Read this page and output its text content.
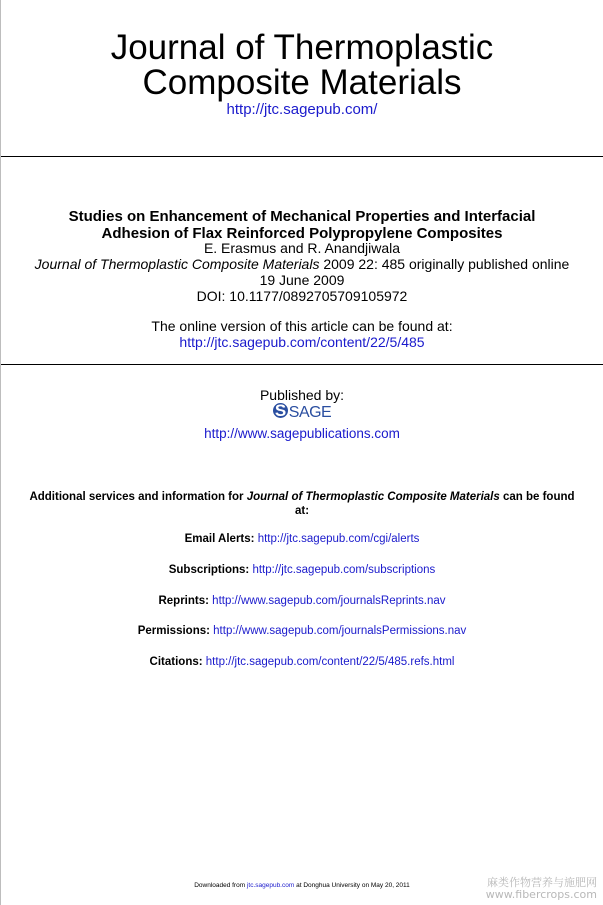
Journal of Thermoplastic
Composite Materials
http://jtc.sagepub.com/
Studies on Enhancement of Mechanical Properties and Interfacial
Adhesion of Flax Reinforced Polypropylene Composites
E. Erasmus and R. Anandjiwala
Journal of Thermoplastic Composite Materials 2009 22: 485 originally published online
19 June 2009
DOI: 10.1177/0892705709105972
The online version of this article can be found at:
http://jtc.sagepub.com/content/22/5/485
Published by:
S SAGE
http://www.sagepublications.com
Additional services and information for Journal of Thermoplastic Composite Materials can be found
at:
Email Alerts: http://jtc.sagepub.com/cgi/alerts
Subscriptions: http://jtc.sagepub.com/subscriptions
Reprints: http://www.sagepub.com/journalsReprints.nav
Permissions: http://www.sagepub.com/journalsPermissions.nav
Citations: http://jtc.sagepub.com/content/22/5/485.refs.html
Downloaded from jtc.sagepub.com at Donghua University on May 20, 2011	麻类作物营养与施肥网
www.fibercrops.com
